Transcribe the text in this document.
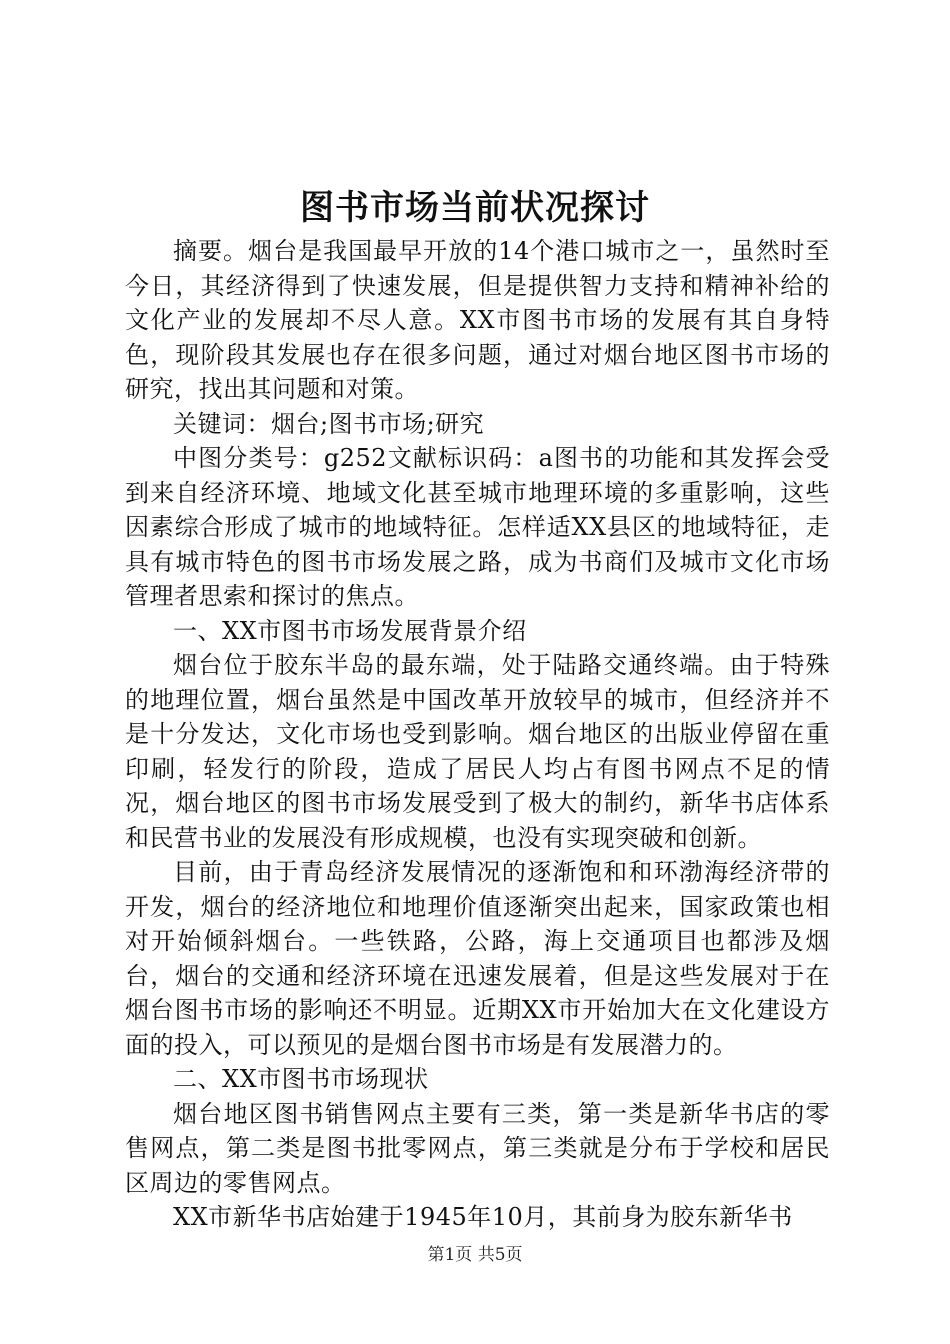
图书市场当前状况探讨

摘要。烟台是我国最早开放的14个港口城市之一，虽然时至今日，其经济得到了快速发展，但是提供智力支持和精神补给的文化产业的发展却不尽人意。XX市图书市场的发展有其自身特色，现阶段其发展也存在很多问题，通过对烟台地区图书市场的研究，找出其问题和对策。

关键词：烟台;图书市场;研究

中图分类号：g252文献标识码：a图书的功能和其发挥会受到来自经济环境、地域文化甚至城市地理环境的多重影响，这些因素综合形成了城市的地域特征。怎样适XX县区的地域特征，走具有城市特色的图书市场发展之路，成为书商们及城市文化市场管理者思索和探讨的焦点。

一、XX市图书市场发展背景介绍

烟台位于胶东半岛的最东端，处于陆路交通终端。由于特殊的地理位置，烟台虽然是中国改革开放较早的城市，但经济并不是十分发达，文化市场也受到影响。烟台地区的出版业停留在重印刷，轻发行的阶段，造成了居民人均占有图书网点不足的情况，烟台地区的图书市场发展受到了极大的制约，新华书店体系和民营书业的发展没有形成规模，也没有实现突破和创新。

目前，由于青岛经济发展情况的逐渐饱和和环渤海经济带的开发，烟台的经济地位和地理价值逐渐突出起来，国家政策也相对开始倾斜烟台。一些铁路，公路，海上交通项目也都涉及烟台，烟台的交通和经济环境在迅速发展着，但是这些发展对于在烟台图书市场的影响还不明显。近期XX市开始加大在文化建设方面的投入，可以预见的是烟台图书市场是有发展潜力的。

二、XX市图书市场现状

烟台地区图书销售网点主要有三类，第一类是新华书店的零售网点，第二类是图书批零网点，第三类就是分布于学校和居民区周边的零售网点。

XX市新华书店始建于1945年10月，其前身为胶东新华书

第1页 共5页
